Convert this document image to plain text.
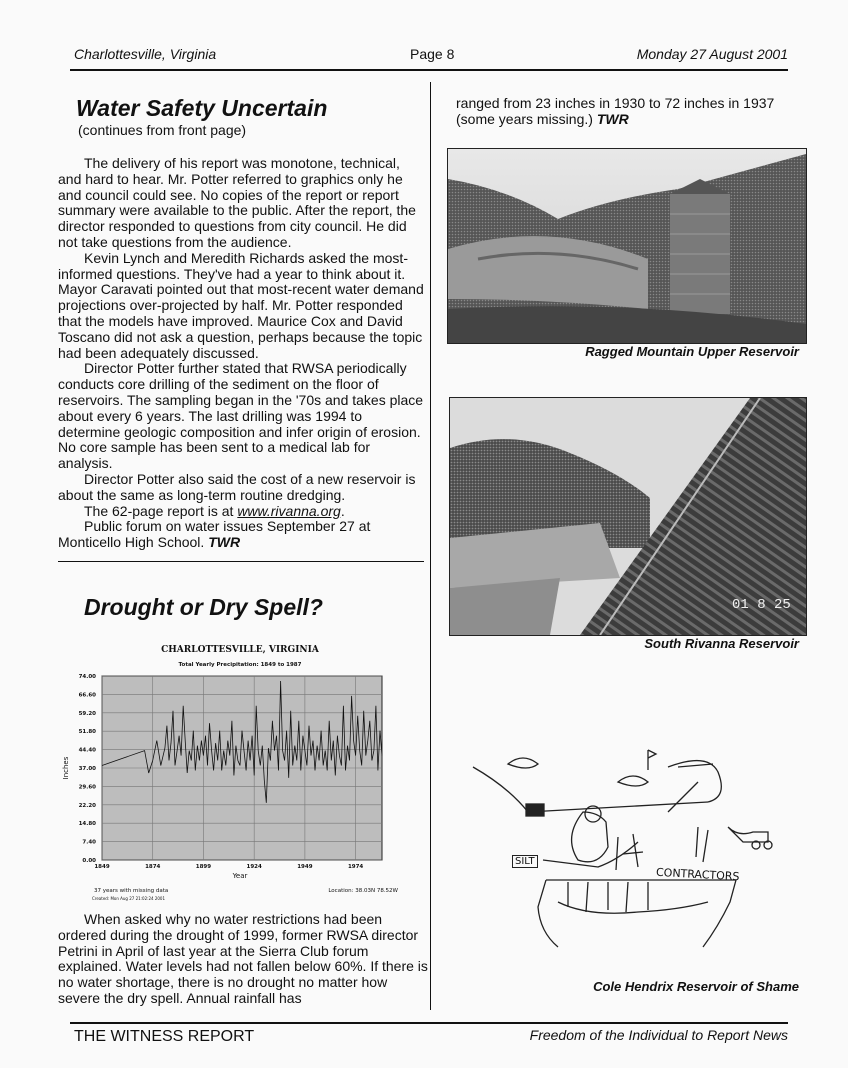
Charlottesville, Virginia	Page 8	Monday 27 August 2001
Water Safety Uncertain
(continues from front page)

The delivery of his report was monotone, technical, and hard to hear. Mr. Potter referred to graphics only he and council could see. No copies of the report or report summary were available to the public. After the report, the director responded to questions from city council. He did not take questions from the audience.

Kevin Lynch and Meredith Richards asked the most-informed questions. They've had a year to think about it. Mayor Caravati pointed out that most-recent water demand projections over-projected by half. Mr. Potter responded that the models have improved. Maurice Cox and David Toscano did not ask a question, perhaps because the topic had been adequately discussed.

Director Potter further stated that RWSA periodically conducts core drilling of the sediment on the floor of reservoirs. The sampling began in the '70s and takes place about every 6 years. The last drilling was 1994 to determine geologic composition and infer origin of erosion. No core sample has been sent to a medical lab for analysis.

Director Potter also said the cost of a new reservoir is about the same as long-term routine dredging.

The 62-page report is at www.rivanna.org.

Public forum on water issues September 27 at Monticello High School. TWR

Drought or Dry Spell?
CHARLOTTESVILLE, VIRGINIA
Total Yearly Precipitation: 1849 to 1987
0.00
7.40
14.80
22.20
29.60
37.00
44.40
51.80
59.20
66.60
74.00
1849	1874	1899	1924	1949	1974
Year
Inches
37 years with missing data	Location: 38.03N 78.52W
Created: Mon Aug 27 21:02:24 2001

When asked why no water restrictions had been ordered during the drought of 1999, former RWSA director Petrini in April of last year at the Sierra Club forum explained. Water levels had not fallen below 60%. If there is no water shortage, there is no drought no matter how severe the dry spell. Annual rainfall has

ranged from 23 inches in 1930 to 72 inches in 1937 (some years missing.) TWR

Ragged Mountain Upper Reservoir
01 8 25
South Rivanna Reservoir
SILT
CONTRACTORS
Cole Hendrix Reservoir of Shame
THE WITNESS REPORT	Freedom of the Individual to Report News
